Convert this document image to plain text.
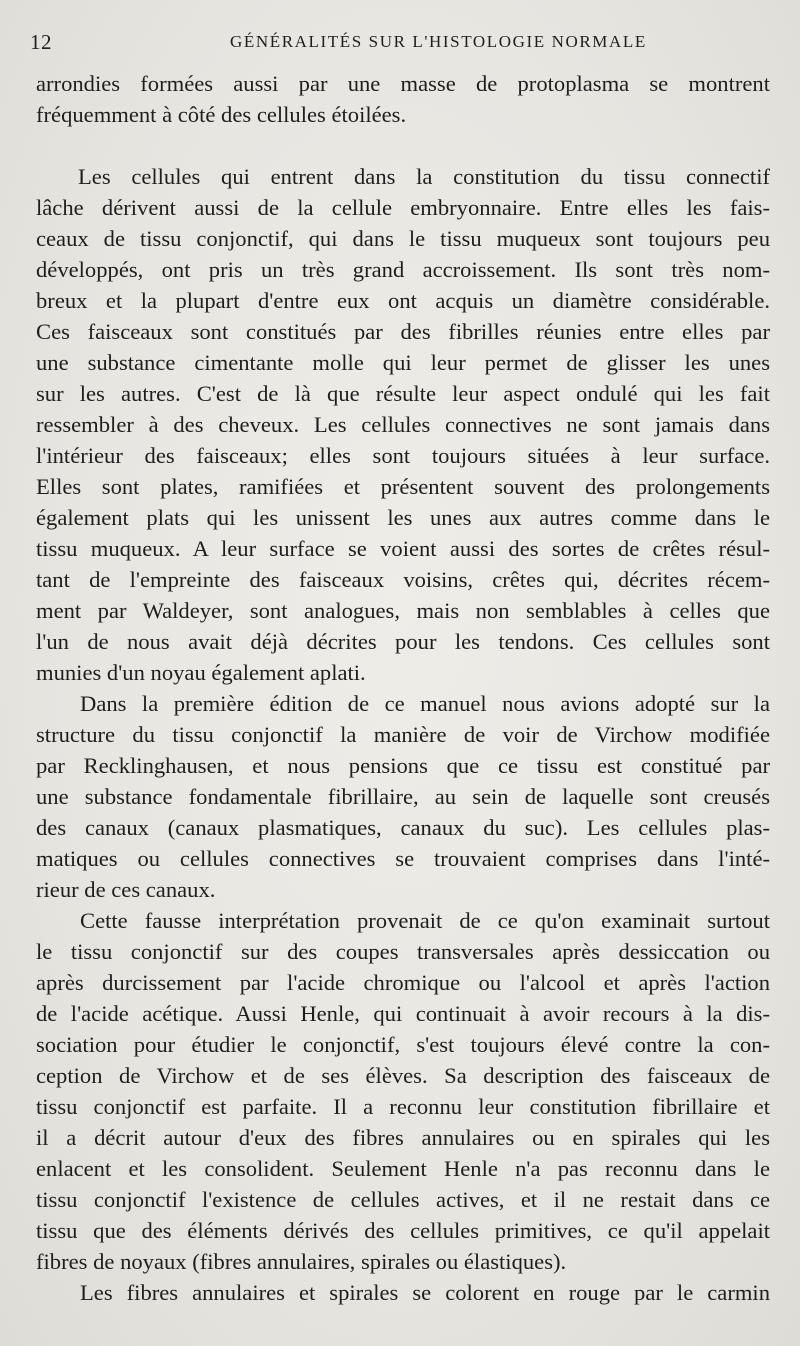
12	GÉNÉRALITÉS SUR L'HISTOLOGIE NORMALE
arrondies formées aussi par une masse de protoplasma se montrent
fréquemment à côté des cellules étoilées.
Les cellules qui entrent dans la constitution du tissu connectif
lâche dérivent aussi de la cellule embryonnaire. Entre elles les fais-
ceaux de tissu conjonctif, qui dans le tissu muqueux sont toujours peu
développés, ont pris un très grand accroissement. Ils sont très nom-
breux et la plupart d'entre eux ont acquis un diamètre considérable.
Ces faisceaux sont constitués par des fibrilles réunies entre elles par
une substance cimentante molle qui leur permet de glisser les unes
sur les autres. C'est de là que résulte leur aspect ondulé qui les fait
ressembler à des cheveux. Les cellules connectives ne sont jamais dans
l'intérieur des faisceaux; elles sont toujours situées à leur surface.
Elles sont plates, ramifiées et présentent souvent des prolongements
également plats qui les unissent les unes aux autres comme dans le
tissu muqueux. A leur surface se voient aussi des sortes de crêtes résul-
tant de l'empreinte des faisceaux voisins, crêtes qui, décrites récem-
ment par Waldeyer, sont analogues, mais non semblables à celles que
l'un de nous avait déjà décrites pour les tendons. Ces cellules sont
munies d'un noyau également aplati.
Dans la première édition de ce manuel nous avions adopté sur la
structure du tissu conjonctif la manière de voir de Virchow modifiée
par Recklinghausen, et nous pensions que ce tissu est constitué par
une substance fondamentale fibrillaire, au sein de laquelle sont creusés
des canaux (canaux plasmatiques, canaux du suc). Les cellules plas-
matiques ou cellules connectives se trouvaient comprises dans l'inté-
rieur de ces canaux.
Cette fausse interprétation provenait de ce qu'on examinait surtout
le tissu conjonctif sur des coupes transversales après dessiccation ou
après durcissement par l'acide chromique ou l'alcool et après l'action
de l'acide acétique. Aussi Henle, qui continuait à avoir recours à la dis-
sociation pour étudier le conjonctif, s'est toujours élevé contre la con-
ception de Virchow et de ses élèves. Sa description des faisceaux de
tissu conjonctif est parfaite. Il a reconnu leur constitution fibrillaire et
il a décrit autour d'eux des fibres annulaires ou en spirales qui les
enlacent et les consolident. Seulement Henle n'a pas reconnu dans le
tissu conjonctif l'existence de cellules actives, et il ne restait dans ce
tissu que des éléments dérivés des cellules primitives, ce qu'il appelait
fibres de noyaux (fibres annulaires, spirales ou élastiques).
Les fibres annulaires et spirales se colorent en rouge par le carmin
